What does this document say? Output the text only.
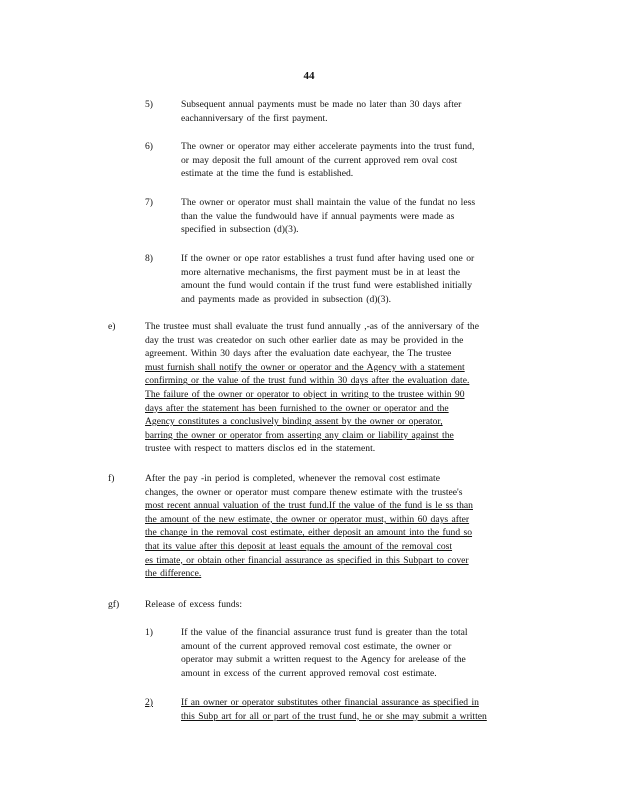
44
5)	Subsequent annual payments must be made no later than 30 days after
eachanniversary of the first payment.
6)	The owner or operator may either accelerate payments into the trust fund,
or may deposit the full amount of the current approved rem oval cost
estimate at the time the fund is established.
7)	The owner or operator must shall maintain the value of the fundat no less
than the value the fundwould have if annual payments were made as
specified in subsection (d)(3).
8)	If the owner or ope rator establishes a trust fund after having used one or
more alternative mechanisms, the first payment must be in at least the
amount the fund would contain if the trust fund were established initially
and payments made as provided in subsection (d)(3).
e)	The trustee must shall evaluate the trust fund annually ,-as of the anniversary of the
day the trust was createdor on such other earlier date as may be provided in the
agreement. Within 30 days after the evaluation date eachyear, the The trustee
must furnish shall notify the owner or operator and the Agency with a statement
confirming or the value of the trust fund within 30 days after the evaluation date.
The failure of the owner or operator to object in writing to the trustee within 90
days after the statement has been furnished to the owner or operator and the
Agency constitutes a conclusively binding assent by the owner or operator,
barring the owner or operator from asserting any claim or liability against the
trustee with respect to matters disclos ed in the statement.
f)	After the pay -in period is completed, whenever the removal cost estimate
changes, the owner or operator must compare thenew estimate with the trustee's
most recent annual valuation of the trust fund.If the value of the fund is le ss than
the amount of the new estimate, the owner or operator must, within 60 days after
the change in the removal cost estimate, either deposit an amount into the fund so
that its value after this deposit at least equals the amount of the removal cost
es timate, or obtain other financial assurance as specified in this Subpart to cover
the difference.
gf)	Release of excess funds:
1)	If the value of the financial assurance trust fund is greater than the total
amount of the current approved removal cost estimate, the owner or
operator may submit a written request to the Agency for arelease of the
amount in excess of the current approved removal cost estimate.
2)	If an owner or operator substitutes other financial assurance as specified in
this Subp art for all or part of the trust fund, he or she may submit a written
